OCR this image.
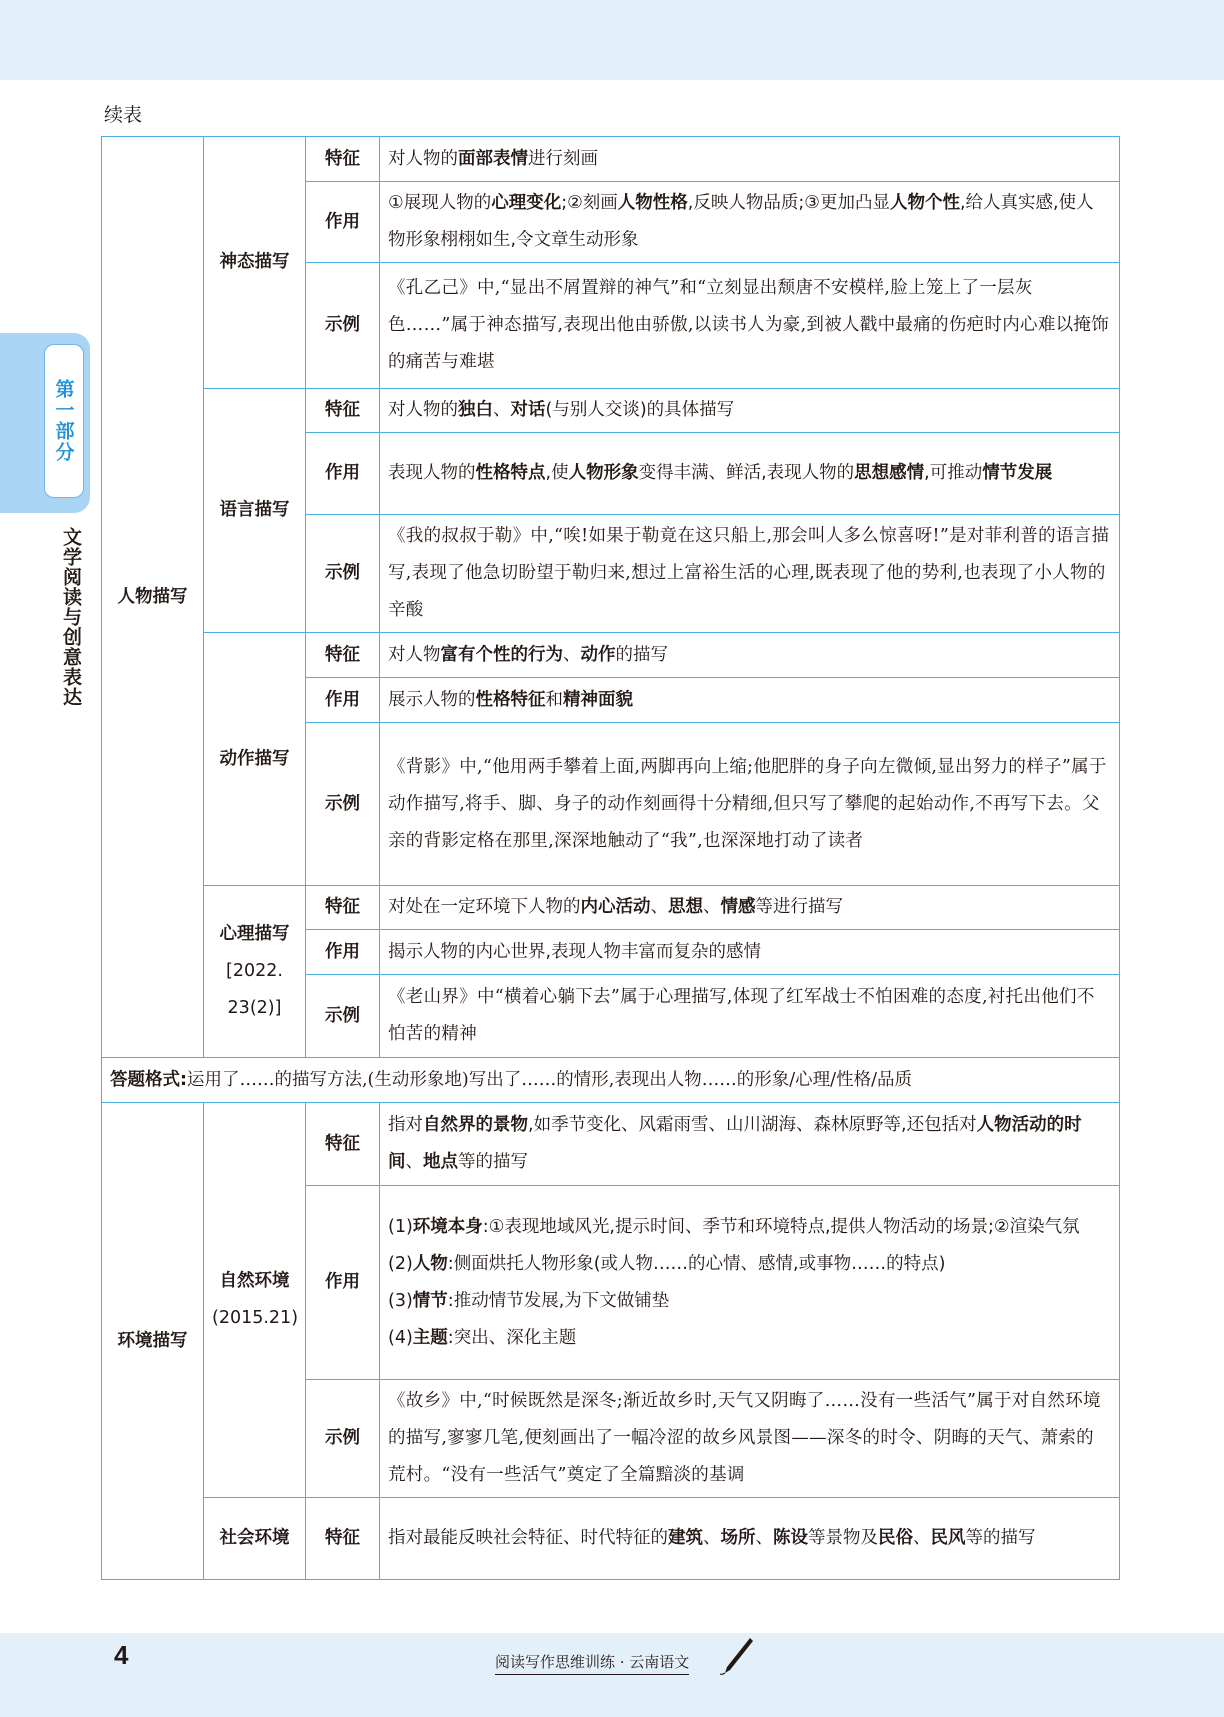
续表
第一部分
文学阅读与创意表达 人物描写	神态描写	特征	对人物的面部表情进行刻画
		作用	①展现人物的心理变化;②刻画人物性格,反映人物品质;③更加凸显人物个性,给人真实感,使人物形象栩栩如生,令文章生动形象
		示例	《孔乙己》中,“显出不屑置辩的神气”和“立刻显出颓唐不安模样,脸上笼上了一层灰色……”属于神态描写,表现出他由骄傲,以读书人为豪,到被人戳中最痛的伤疤时内心难以掩饰的痛苦与难堪
	语言描写	特征	对人物的独白、对话(与别人交谈)的具体描写
		作用	表现人物的性格特点,使人物形象变得丰满、鲜活,表现人物的思想感情,可推动情节发展
		示例	《我的叔叔于勒》中,“唉!如果于勒竟在这只船上,那会叫人多么惊喜呀!”是对菲利普的语言描写,表现了他急切盼望于勒归来,想过上富裕生活的心理,既表现了他的势利,也表现了小人物的辛酸
	动作描写	特征	对人物富有个性的行为、动作的描写
		作用	展示人物的性格特征和精神面貌
		示例	《背影》中,“他用两手攀着上面,两脚再向上缩;他肥胖的身子向左微倾,显出努力的样子”属于动作描写,将手、脚、身子的动作刻画得十分精细,但只写了攀爬的起始动作,不再写下去。父亲的背影定格在那里,深深地触动了“我”,也深深地打动了读者

	心理描写
[2022.
23(2)]	特征	对处在一定环境下人物的内心活动、思想、情感等进行描写
		作用	揭示人物的内心世界,表现人物丰富而复杂的感情
		示例	《老山界》中“横着心躺下去”属于心理描写,体现了红军战士不怕困难的态度,衬托出他们不怕苦的精神

答题格式:运用了……的描写方法,(生动形象地)写出了……的情形,表现出人物……的形象/心理/性格/品质			
环境描写	自然环境
(2015.21)	特征	指对自然界的景物,如季节变化、风霜雨雪、山川湖海、森林原野等,还包括对人物活动的时间、地点等的描写
		作用	(1)环境本身:①表现地域风光,提示时间、季节和环境特点,提供人物活动的场景;②渲染气氛
(2)人物:侧面烘托人物形象(或人物……的心情、感情,或事物……的特点)
(3)情节:推动情节发展,为下文做铺垫
(4)主题:突出、深化主题

		示例	《故乡》中,“时候既然是深冬;渐近故乡时,天气又阴晦了……没有一些活气”属于对自然环境的描写,寥寥几笔,便刻画出了一幅冷涩的故乡风景图——深冬的时令、阴晦的天气、萧索的荒村。“没有一些活气”奠定了全篇黯淡的基调
	社会环境	特征	指对最能反映社会特征、时代特征的建筑、场所、陈设等景物及民俗、民风等的描写
4	阅读写作思维训练 · 云南语文
